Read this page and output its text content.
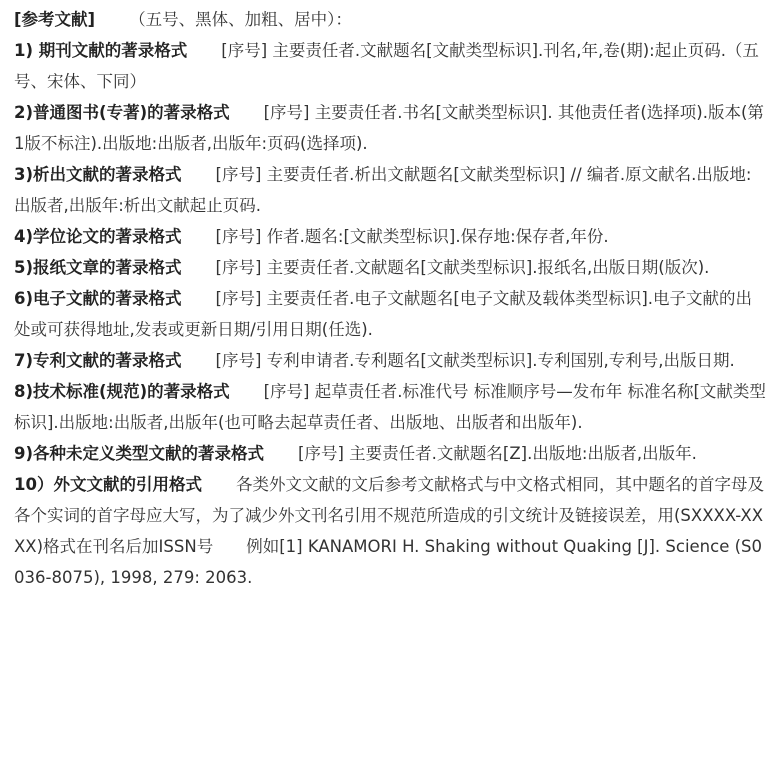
[参考文献] （五号、黑体、加粗、居中）：

1) 期刊文献的著录格式 [序号] 主要责任者.文献题名[文献类型标识].刊名,年,卷(期):起止页码.（五号、宋体、下同）

2)普通图书(专著)的著录格式 [序号] 主要责任者.书名[文献类型标识]. 其他责任者(选择项).版本(第1版不标注).出版地:出版者,出版年:页码(选择项).

3)析出文献的著录格式 [序号] 主要责任者.析出文献题名[文献类型标识] // 编者.原文献名.出版地:出版者,出版年:析出文献起止页码.

4)学位论文的著录格式 [序号] 作者.题名:[文献类型标识].保存地:保存者,年份.

5)报纸文章的著录格式 [序号] 主要责任者.文献题名[文献类型标识].报纸名,出版日期(版次).

6)电子文献的著录格式 [序号] 主要责任者.电子文献题名[电子文献及载体类型标识].电子文献的出处或可获得地址,发表或更新日期/引用日期(任选).

7)专利文献的著录格式 [序号] 专利申请者.专利题名[文献类型标识].专利国别,专利号,出版日期.

8)技术标准(规范)的著录格式 [序号] 起草责任者.标准代号 标准顺序号—发布年 标准名称[文献类型标识].出版地:出版者,出版年(也可略去起草责任者、出版地、出版者和出版年).

9)各种未定义类型文献的著录格式 [序号] 主要责任者.文献题名[Z].出版地:出版者,出版年.

10）外文文献的引用格式 各类外文文献的文后参考文献格式与中文格式相同，其中题名的首字母及各个实词的首字母应大写，为了减少外文刊名引用不规范所造成的引文统计及链接误差，用(SXXXX-XXXX)格式在刊名后加ISSN号　　例如[1] KANAMORI H. Shaking without Quaking [J]. Science (S0036-8075), 1998, 279: 2063.
